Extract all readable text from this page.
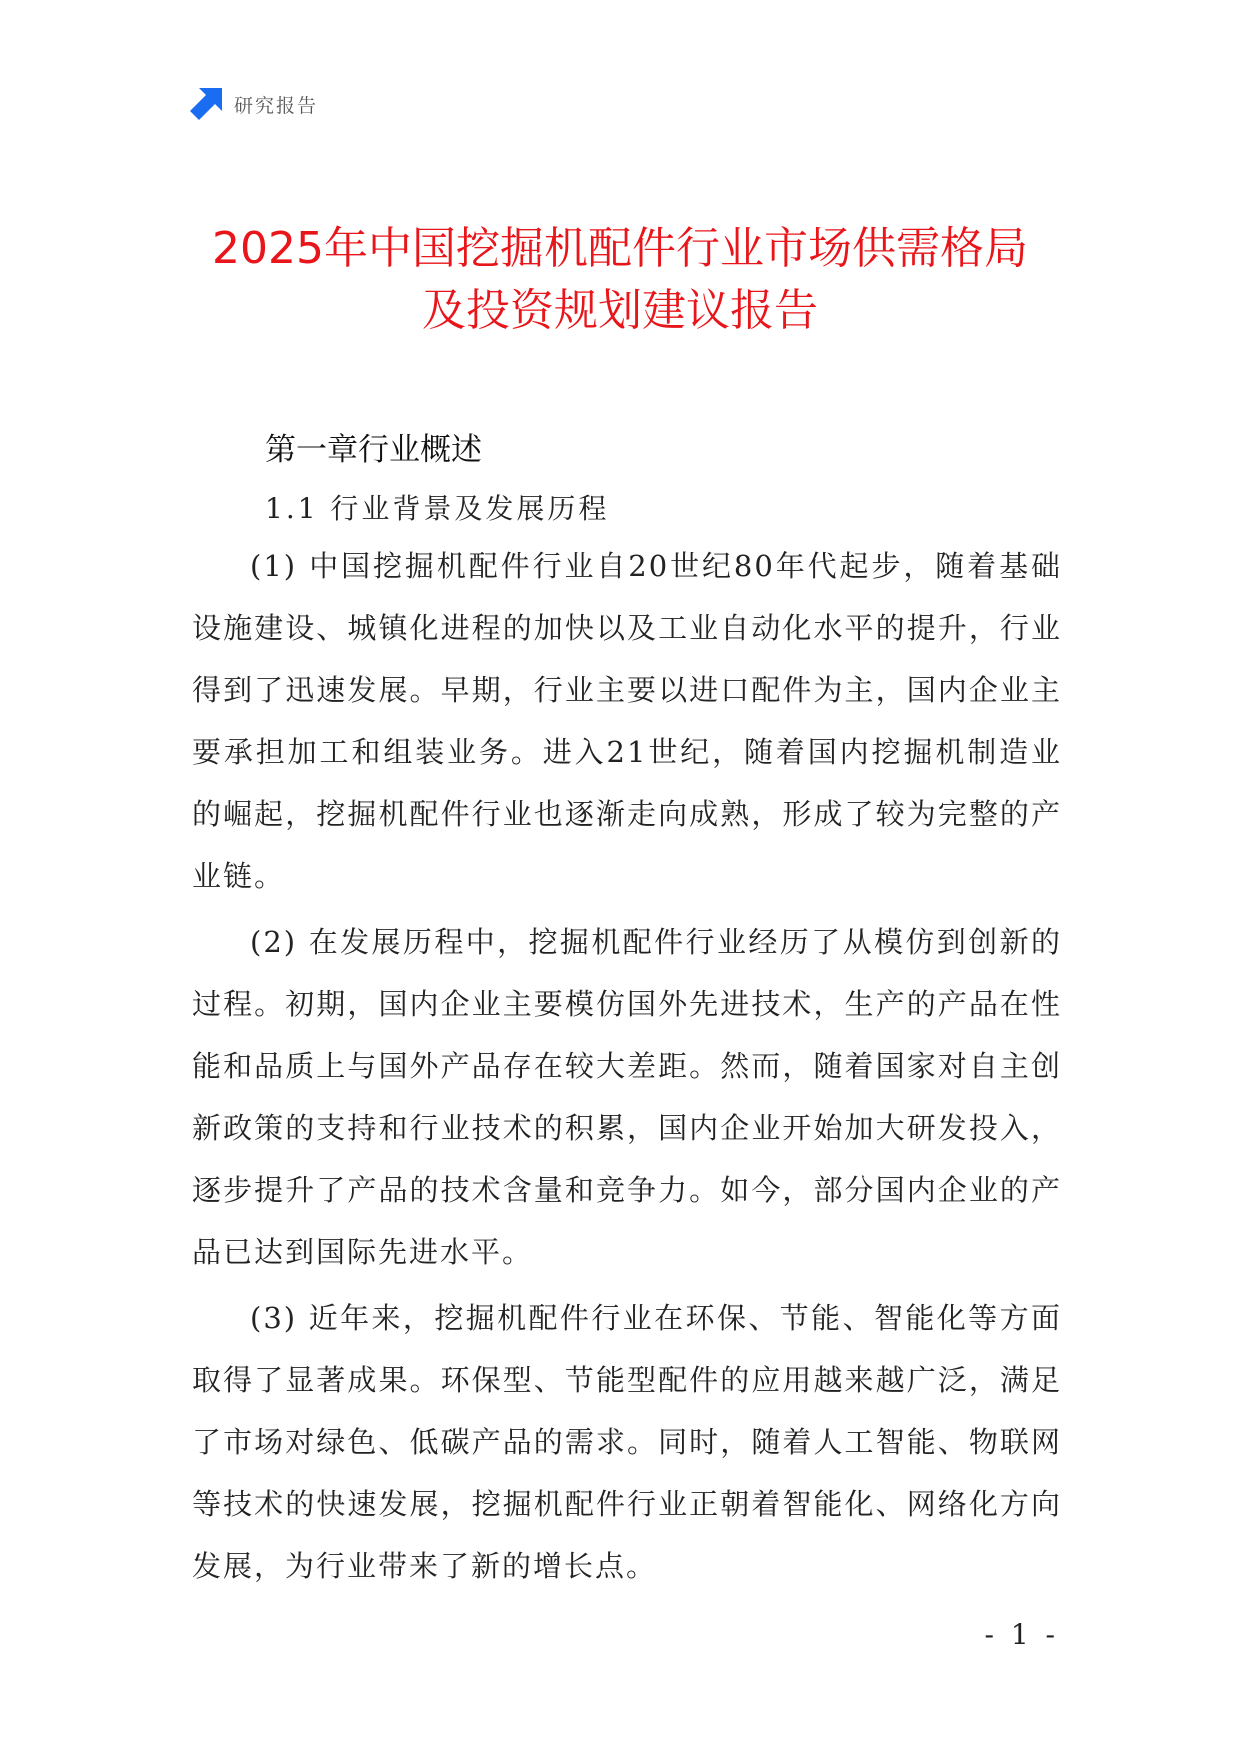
研究报告
2025年中国挖掘机配件行业市场供需格局
及投资规划建议报告
第一章行业概述
1.1 行业背景及发展历程

(1) 中国挖掘机配件行业自20世纪80年代起步，随着基础设施建设、城镇化进程的加快以及工业自动化水平的提升，行业得到了迅速发展。早期，行业主要以进口配件为主，国内企业主要承担加工和组装业务。进入21世纪，随着国内挖掘机制造业的崛起，挖掘机配件行业也逐渐走向成熟，形成了较为完整的产业链。

(2) 在发展历程中，挖掘机配件行业经历了从模仿到创新的过程。初期，国内企业主要模仿国外先进技术，生产的产品在性能和品质上与国外产品存在较大差距。然而，随着国家对自主创新政策的支持和行业技术的积累，国内企业开始加大研发投入，逐步提升了产品的技术含量和竞争力。如今，部分国内企业的产品已达到国际先进水平。

(3) 近年来，挖掘机配件行业在环保、节能、智能化等方面取得了显著成果。环保型、节能型配件的应用越来越广泛，满足了市场对绿色、低碳产品的需求。同时，随着人工智能、物联网等技术的快速发展，挖掘机配件行业正朝着智能化、网络化方向发展，为行业带来了新的增长点。

- 1 -
